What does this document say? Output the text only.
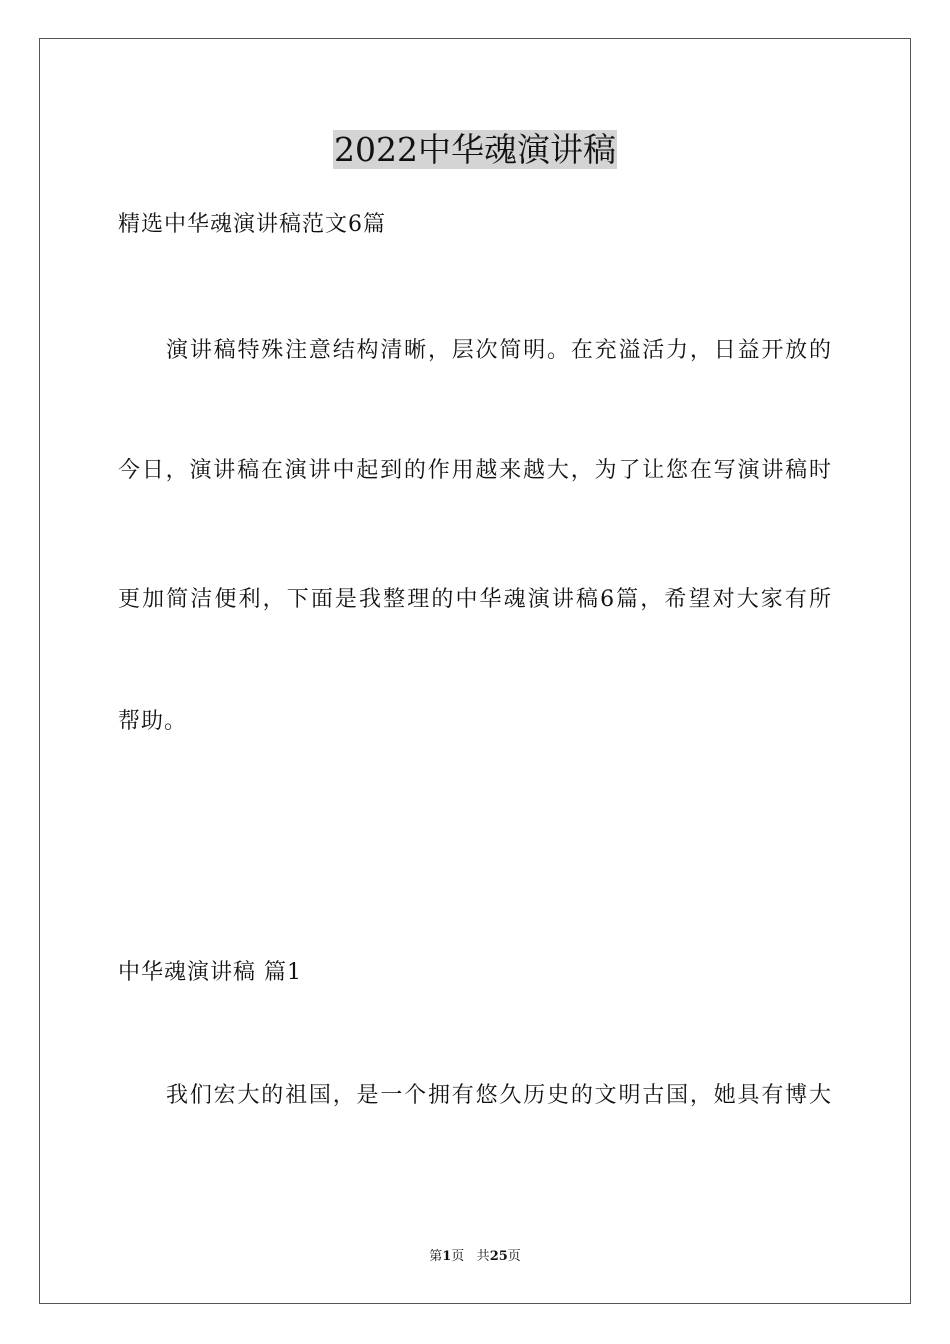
2022中华魂演讲稿
精选中华魂演讲稿范文6篇
演讲稿特殊注意结构清晰，层次简明。在充溢活力，日益开放的
今日，演讲稿在演讲中起到的作用越来越大，为了让您在写演讲稿时
更加简洁便利，下面是我整理的中华魂演讲稿6篇，希望对大家有所
帮助。
中华魂演讲稿 篇1
我们宏大的祖国，是一个拥有悠久历史的文明古国，她具有博大
第1页 共25页
